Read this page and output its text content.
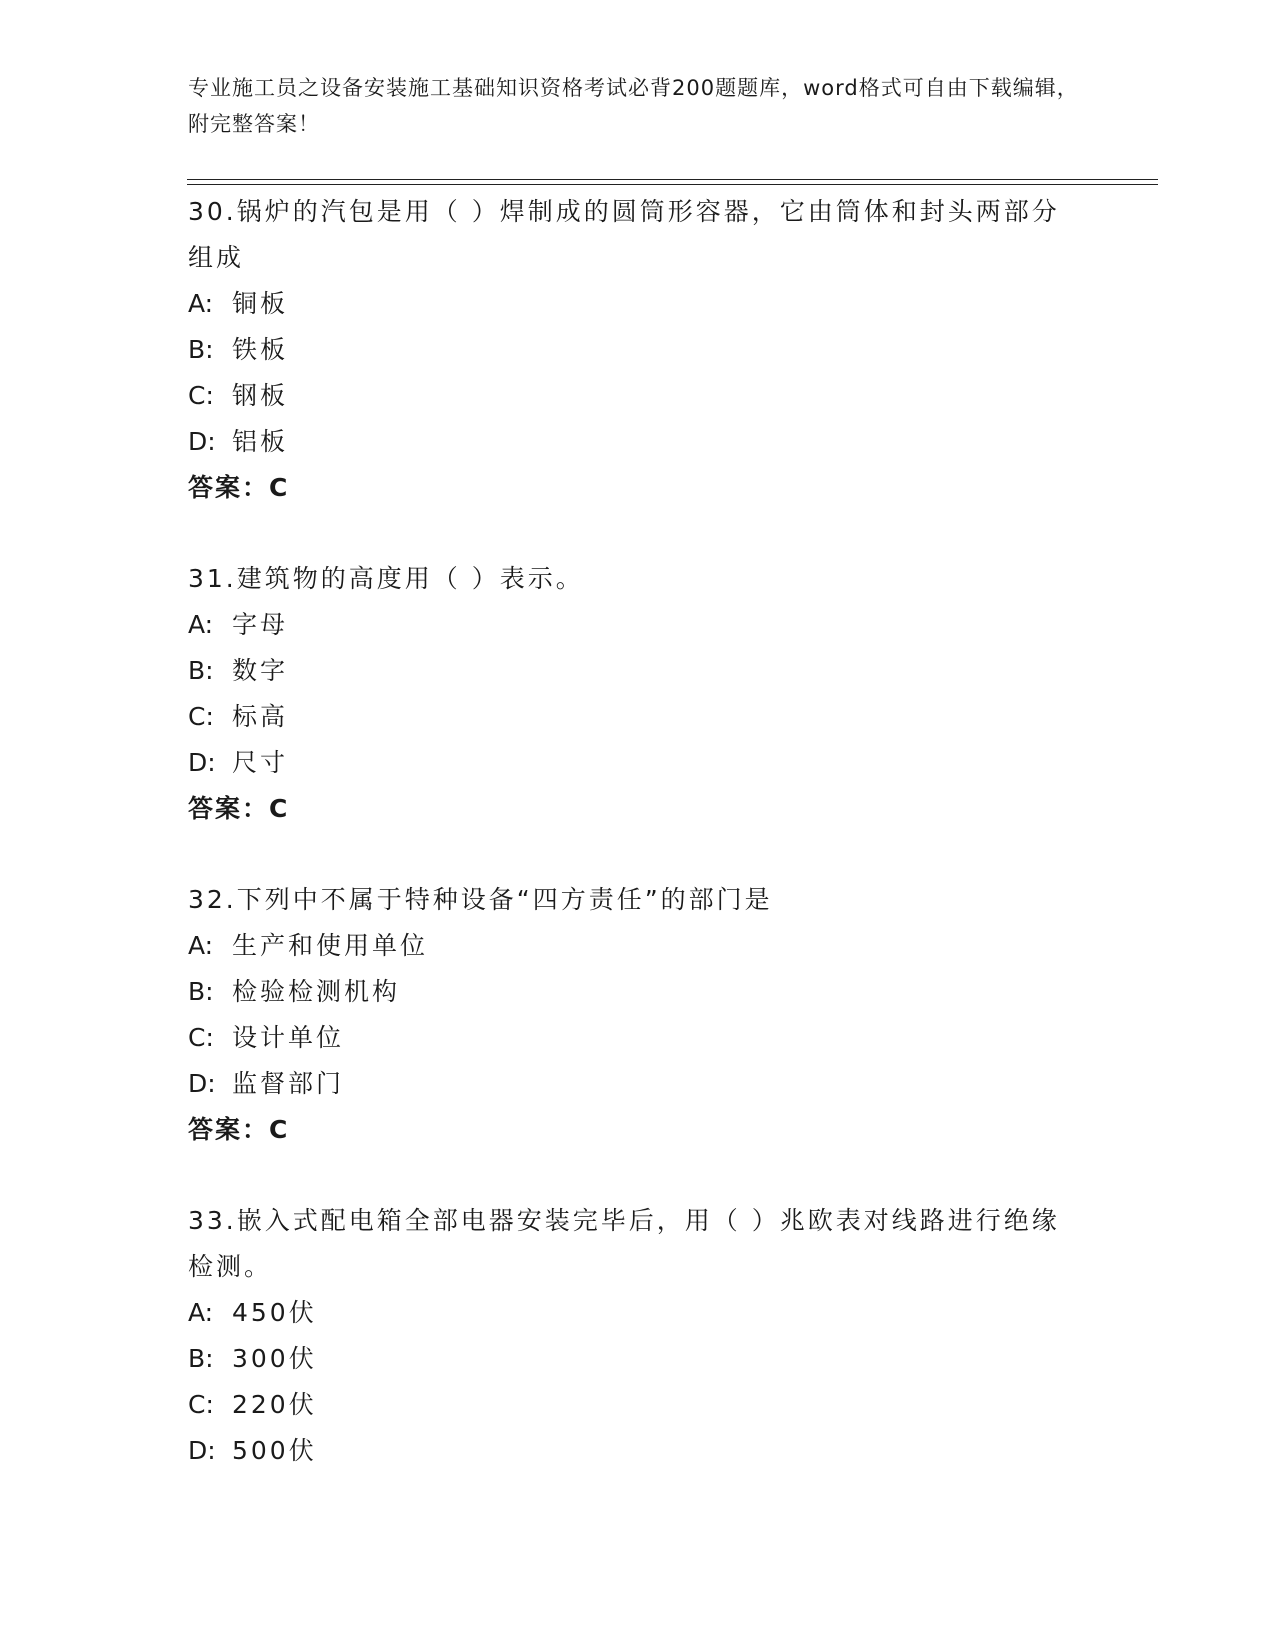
专业施工员之设备安装施工基础知识资格考试必背200题题库，word格式可自由下载编辑，附完整答案！
30.锅炉的汽包是用（ ）焊制成的圆筒形容器，它由筒体和封头两部分组成
A: 铜板
B: 铁板
C: 钢板
D: 铝板
答案：C
31.建筑物的高度用（ ）表示。
A: 字母
B: 数字
C: 标高
D: 尺寸
答案：C
32.下列中不属于特种设备“四方责任”的部门是
A: 生产和使用单位
B: 检验检测机构
C: 设计单位
D: 监督部门
答案：C
33.嵌入式配电箱全部电器安装完毕后，用（ ）兆欧表对线路进行绝缘检测。
A: 450伏
B: 300伏
C: 220伏
D: 500伏
